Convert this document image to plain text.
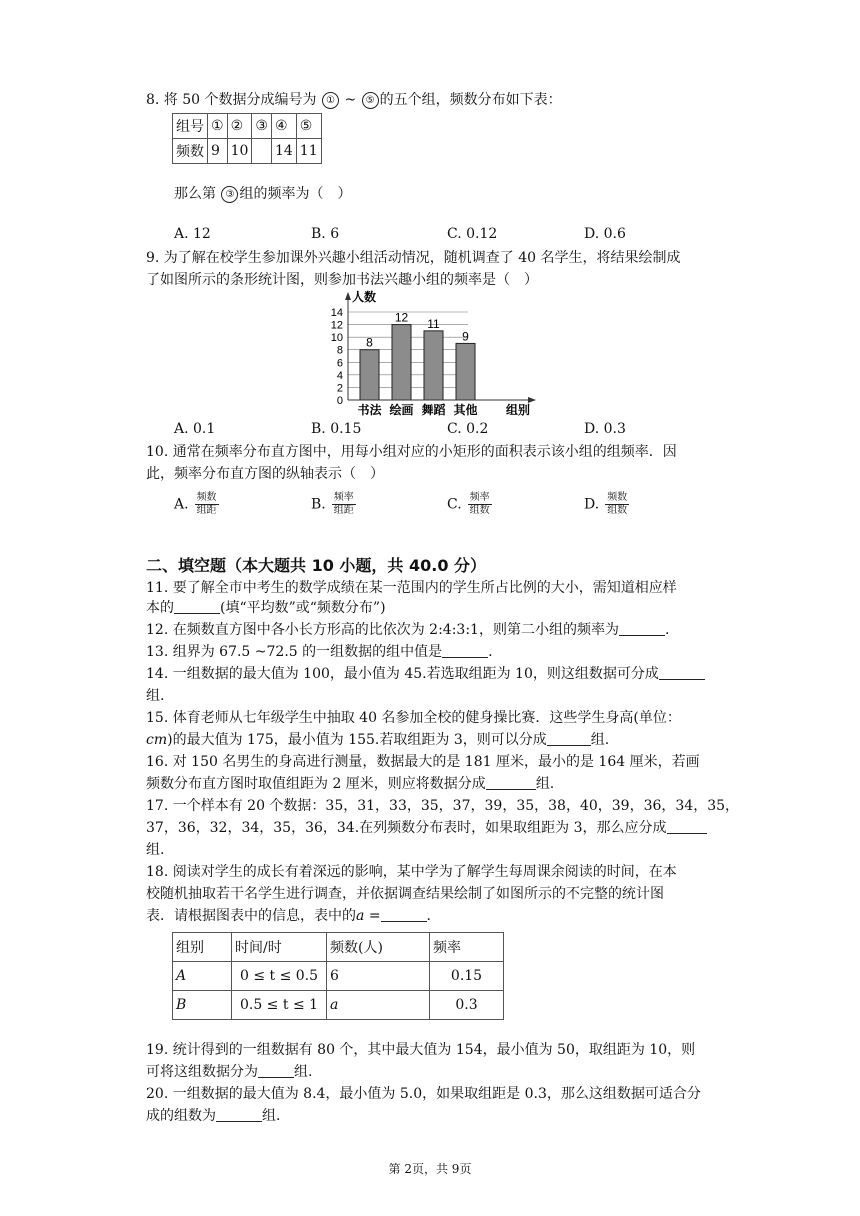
8. 将 50 个数据分成编号为 ① ~ ⑤ 的五个组，频数分布如下表：
组号	①	②	③	④	⑤
频数	9	10		14	11
那么第 ③ 组的频率为（　）
A. 12	B. 6	C. 0.12	D. 0.6
9. 为了解在校学生参加课外兴趣小组活动情况，随机调查了 40 名学生，将结果绘制成
了如图所示的条形统计图，则参加书法兴趣小组的频率是（　）
人数
组别
0
2
4
6
8
10
12
14
书法 绘画 舞蹈 其他
8
12 11
9
A. 0.1	B. 0.15	C. 0.2	D. 0.3
10. 通常在频率分布直方图中，用每小组对应的小矩形的面积表示该小组的组频率．因
此，频率分布直方图的纵轴表示（　）
A. $\frac{\text{频数}}{\text{组距}}$	B. $\frac{\text{频率}}{\text{组距}}$	C. $\frac{\text{频率}}{\text{组数}}$	D. $\frac{\text{频数}}{\text{组数}}$
二、填空题（本大题共 10 小题，共 40.0 分）
11. 要了解全市中考生的数学成绩在某一范围内的学生所占比例的大小，需知道相应样
本的	(填“平均数”或“频数分布”)
12. 在频数直方图中各小长方形高的比依次为 2:4:3:1，则第二小组的频率为	.
13. 组界为 67.5 ~72.5 的一组数据的组中值是	.
14. 一组数据的最大值为 100，最小值为 45.若选取组距为 10，则这组数据可分成
组.
15. 体育老师从七年级学生中抽取 40 名参加全校的健身操比赛．这些学生身高(单位：
cm)的最大值为 175，最小值为 155.若取组距为 3，则可以分成	组.
16. 对 150 名男生的身高进行测量，数据最大的是 181 厘米，最小的是 164 厘米，若画
频数分布直方图时取值组距为 2 厘米，则应将数据分成	组.
17. 一个样本有 20 个数据：35，31，33，35，37，39，35，38，40，39，36，34，35，
37，36，32，34，35，36，34.在列频数分布表时，如果取组距为 3，那么应分成
组.
18. 阅读对学生的成长有着深远的影响，某中学为了解学生每周课余阅读的时间，在本
校随机抽取若干名学生进行调查，并依据调查结果绘制了如图所示的不完整的统计图
表．请根据图表中的信息，表中的a =	.
组别	时间/时	频数(人)	频率
A	0 ≤ t ≤ 0.5	6	0.15
B	0.5 ≤ t ≤ 1	a	0.3
19. 统计得到的一组数据有 80 个，其中最大值为 154，最小值为 50，取组距为 10，则
可将这组数据分为	组.
20. 一组数据的最大值为 8.4，最小值为 5.0，如果取组距是 0.3，那么这组数据可适合分
成的组数为	组.
第 2页，共 9页
